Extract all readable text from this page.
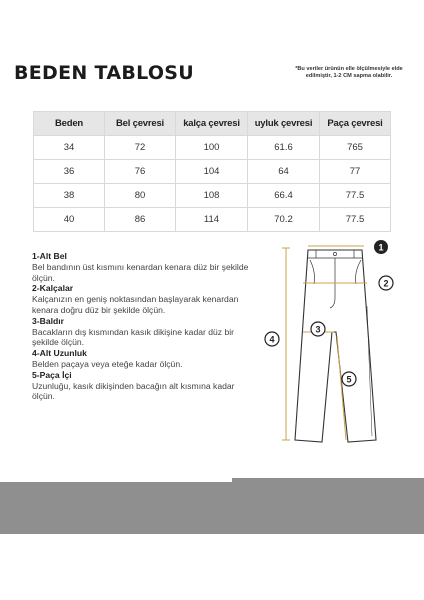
BEDEN TABLOSU	*Bu veriler ürünün elle ölçülmesiyle elde edilmiştir, 1-2 CM sapma olabilir.
Beden	Bel çevresi	kalça çevresi	uyluk çevresi	Paça çevresi
34	72	100	61.6	765
36	76	104	64	77
38	80	108	66.4	77.5
40	86	114	70.2	77.5
1-Alt Bel
Bel bandının üst kısmını kenardan kenara düz bir şekilde ölçün.
2-Kalçalar
Kalçanızın en geniş noktasından başlayarak kenardan kenara doğru düz bir şekilde ölçün.
3-Baldır
Bacakların dış kısmından kasık dikişine kadar düz bir şekilde ölçün.
4-Alt Uzunluk
Belden paçaya veya eteğe kadar ölçün.
5-Paça İçi
Uzunluğu, kasık dikişinden bacağın alt kısmına kadar ölçün.
1
2
3
4
5
